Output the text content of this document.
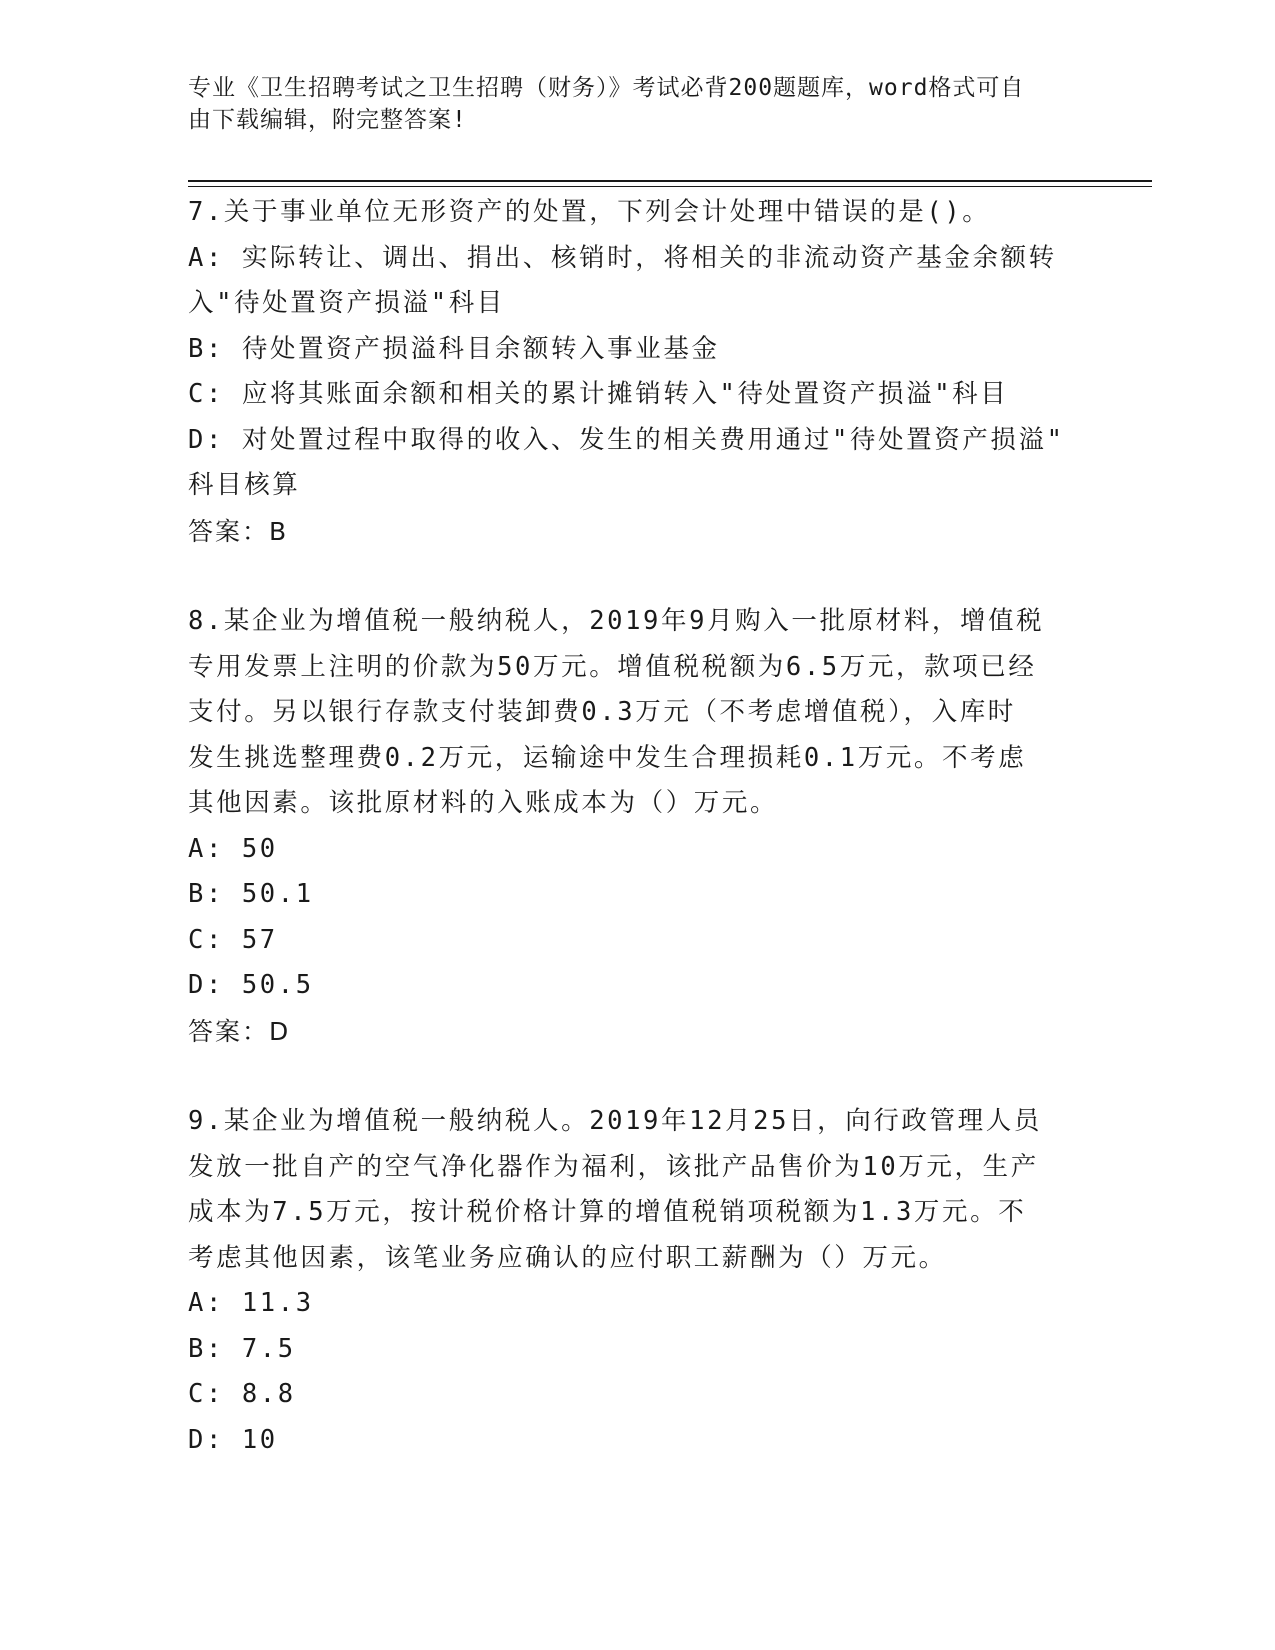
专业《卫生招聘考试之卫生招聘（财务）》考试必背200题题库，word格式可自
由下载编辑，附完整答案!
7.关于事业单位无形资产的处置，下列会计处理中错误的是()。
A: 实际转让、调出、捐出、核销时，将相关的非流动资产基金余额转
入"待处置资产损溢"科目
B: 待处置资产损溢科目余额转入事业基金
C: 应将其账面余额和相关的累计摊销转入"待处置资产损溢"科目
D: 对处置过程中取得的收入、发生的相关费用通过"待处置资产损溢"
科目核算
答案：B
8.某企业为增值税一般纳税人，2019年9月购入一批原材料，增值税
专用发票上注明的价款为50万元。增值税税额为6.5万元，款项已经
支付。另以银行存款支付装卸费0.3万元（不考虑增值税），入库时
发生挑选整理费0.2万元，运输途中发生合理损耗0.1万元。不考虑
其他因素。该批原材料的入账成本为（）万元。
A: 50
B: 50.1
C: 57
D: 50.5
答案：D
9.某企业为增值税一般纳税人。2019年12月25日，向行政管理人员
发放一批自产的空气净化器作为福利，该批产品售价为10万元，生产
成本为7.5万元，按计税价格计算的增值税销项税额为1.3万元。不
考虑其他因素，该笔业务应确认的应付职工薪酬为（）万元。
A: 11.3
B: 7.5
C: 8.8
D: 10
